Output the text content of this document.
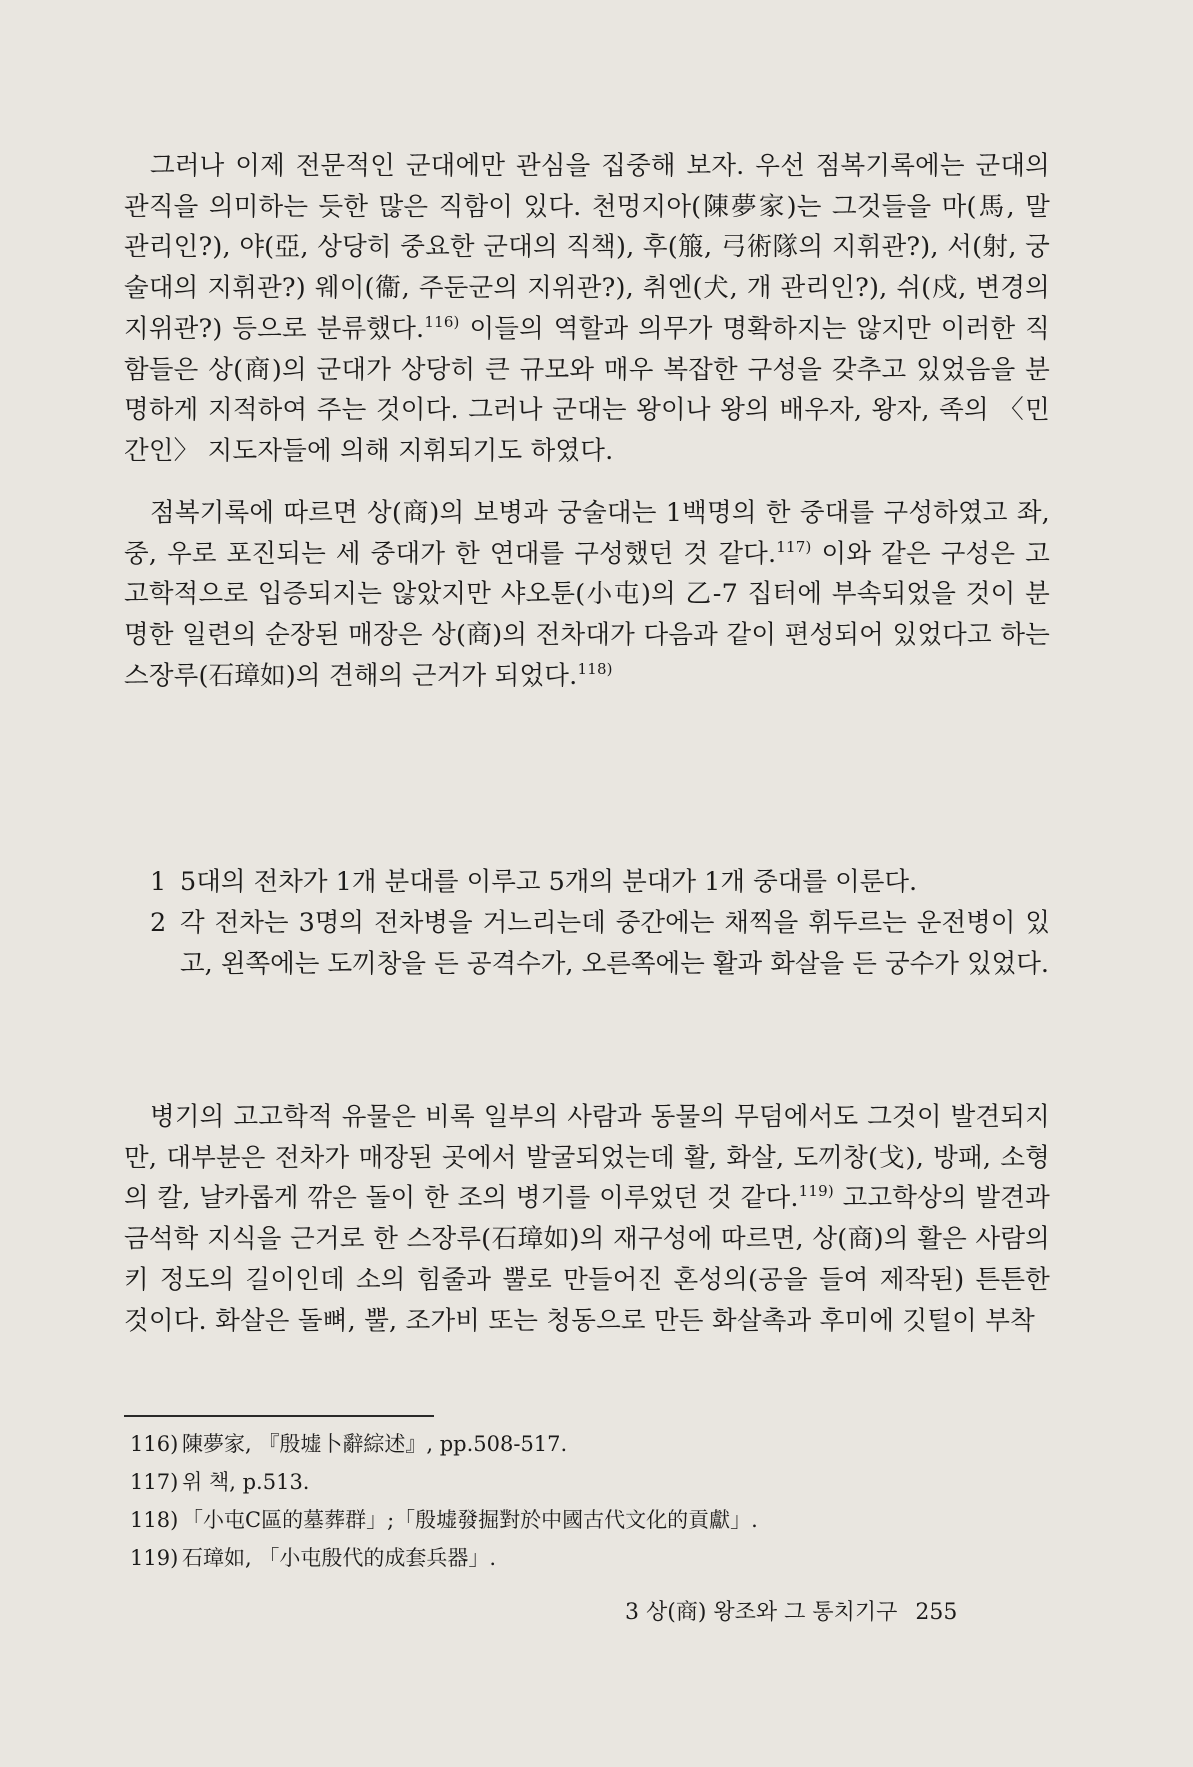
그러나 이제 전문적인 군대에만 관심을 집중해 보자. 우선 점복기록에는 군대의 관직을 의미하는 듯한 많은 직함이 있다. 천멍지아(陳夢家)는 그것들을 마(馬, 말 관리인?), 야(亞, 상당히 중요한 군대의 직책), 후(箙, 弓術隊의 지휘관?), 서(射, 궁술대의 지휘관?) 웨이(衞, 주둔군의 지위관?), 취엔(犬, 개 관리인?), 쉬(戍, 변경의 지위관?) 등으로 분류했다.$^{116)}$ 이들의 역할과 의무가 명확하지는 않지만 이러한 직함들은 상(商)의 군대가 상당히 큰 규모와 매우 복잡한 구성을 갖추고 있었음을 분명하게 지적하여 주는 것이다. 그러나 군대는 왕이나 왕의 배우자, 왕자, 족의 〈민간인〉 지도자들에 의해 지휘되기도 하였다.

점복기록에 따르면 상(商)의 보병과 궁술대는 1백명의 한 중대를 구성하였고 좌, 중, 우로 포진되는 세 중대가 한 연대를 구성했던 것 같다.$^{117)}$ 이와 같은 구성은 고고학적으로 입증되지는 않았지만 샤오툰(小屯)의 乙-7 집터에 부속되었을 것이 분명한 일련의 순장된 매장은 상(商)의 전차대가 다음과 같이 편성되어 있었다고 하는 스장루(石璋如)의 견해의 근거가 되었다.$^{118)}$

1 5대의 전차가 1개 분대를 이루고 5개의 분대가 1개 중대를 이룬다.
2 각 전차는 3명의 전차병을 거느리는데 중간에는 채찍을 휘두르는 운전병이 있고, 왼쪽에는 도끼창을 든 공격수가, 오른쪽에는 활과 화살을 든 궁수가 있었다.

병기의 고고학적 유물은 비록 일부의 사람과 동물의 무덤에서도 그것이 발견되지만, 대부분은 전차가 매장된 곳에서 발굴되었는데 활, 화살, 도끼창(戈), 방패, 소형의 칼, 날카롭게 깎은 돌이 한 조의 병기를 이루었던 것 같다.$^{119)}$ 고고학상의 발견과 금석학 지식을 근거로 한 스장루(石璋如)의 재구성에 따르면, 상(商)의 활은 사람의 키 정도의 길이인데 소의 힘줄과 뿔로 만들어진 혼성의(공을 들여 제작된) 튼튼한 것이다. 화살은 돌뼈, 뿔, 조가비 또는 청동으로 만든 화살촉과 후미에 깃털이 부착

116) 陳夢家, 『殷墟卜辭綜述』, pp.508-517.
117) 위 책, p.513.
118) 「小屯C區的墓葬群」;「殷墟發掘對於中國古代文化的貢獻」.
119) 石璋如, 「小屯殷代的成套兵器」.
3 상(商) 왕조와 그 통치기구 255
